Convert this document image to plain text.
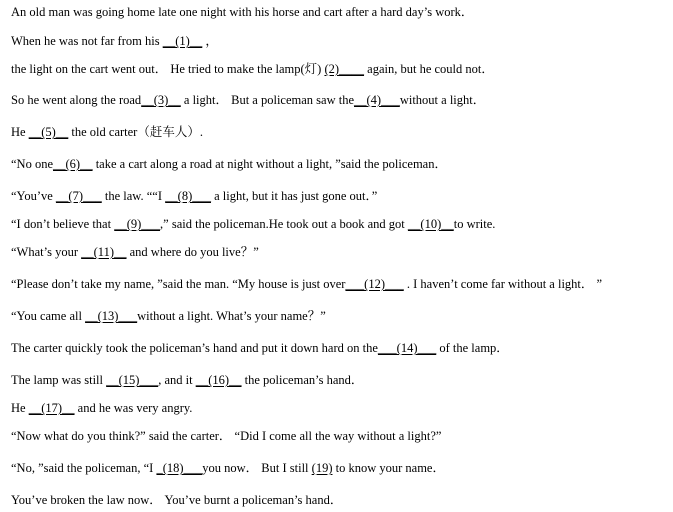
An old man was going home late one night with his horse and cart after a hard day’s work．
When he was not far from his __(1)__ ，
the light on the cart went out． He tried to make the lamp(灯) (2)____ again, but he could not．
So he went along the road__(3)__ a light． But a policeman saw the__(4)___without a light．
He __(5)__ the old carter（赶车人）.
“No one__(6)__ take a cart along a road at night without a light, ”said the policeman．
“You’ve __(7)___ the law. ““I __(8)___ a light, but it has just gone out．”
“I don’t believe that __(9)___,” said the policeman.He took out a book and got __(10)__to write.
“What’s your __(11)__ and where do you live？”
“Please don’t take my name, ”said the man. “My house is just over___(12)___ . I haven’t come far without a light． ”
“You came all __(13)___without a light. What’s your name？”
The carter quickly took the policeman’s hand and put it down hard on the___(14)___ of the lamp．
The lamp was still __(15)___, and it __(16)__ the policeman’s hand．
He __(17)__ and he was very angry.
“Now what do you think?” said the carter． “Did I come all the way without a light?”
“No, ”said the policeman, “I _(18)___you now． But I still (19) to know your name．
You’ve broken the law now． You’ve burnt a policeman’s hand．
